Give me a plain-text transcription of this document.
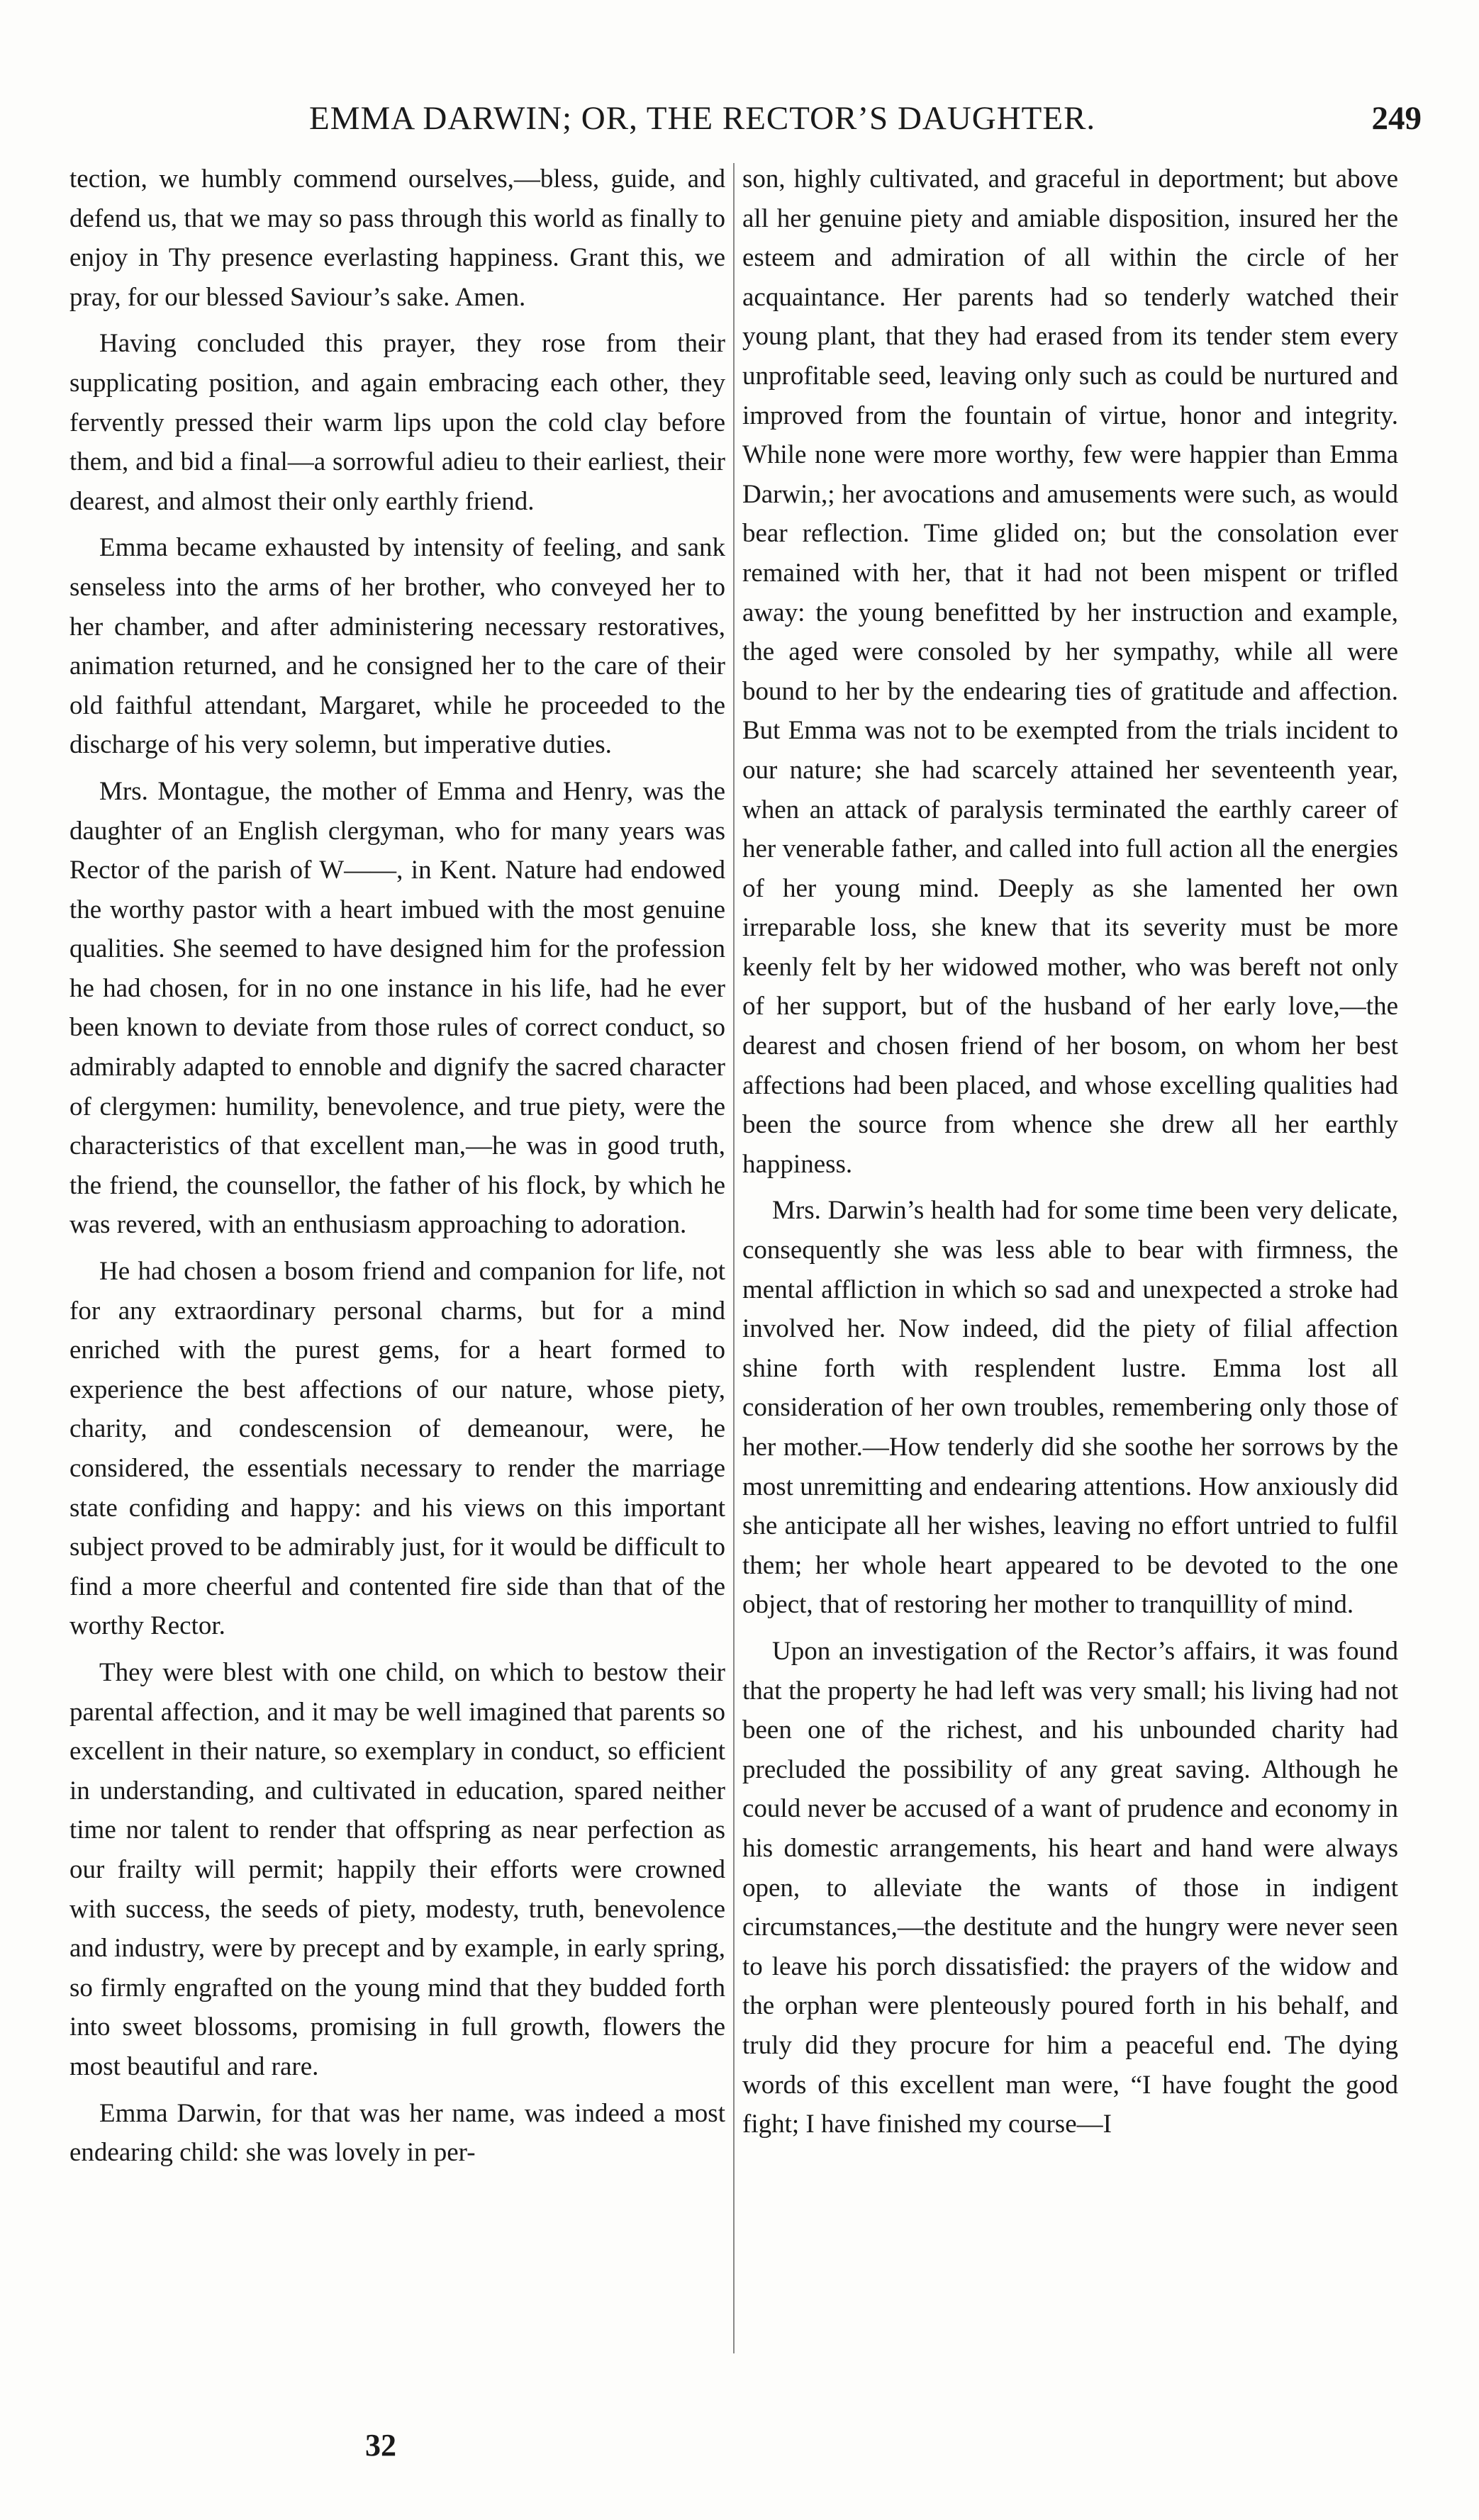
EMMA DARWIN; OR, THE RECTOR’S DAUGHTER.	249

tection, we humbly commend ourselves,—bless, guide, and defend us, that we may so pass through this world as finally to enjoy in Thy presence everlasting happiness. Grant this, we pray, for our blessed Saviour’s sake. Amen.

Having concluded this prayer, they rose from their supplicating position, and again embracing each other, they fervently pressed their warm lips upon the cold clay before them, and bid a final—a sorrowful adieu to their earliest, their dearest, and almost their only earthly friend.

Emma became exhausted by intensity of feeling, and sank senseless into the arms of her brother, who conveyed her to her chamber, and after administering necessary restoratives, animation returned, and he consigned her to the care of their old faithful attendant, Margaret, while he proceeded to the discharge of his very solemn, but imperative duties.

Mrs. Montague, the mother of Emma and Henry, was the daughter of an English clergyman, who for many years was Rector of the parish of W——, in Kent. Nature had endowed the worthy pastor with a heart imbued with the most genuine qualities. She seemed to have designed him for the profession he had chosen, for in no one instance in his life, had he ever been known to deviate from those rules of correct conduct, so admirably adapted to ennoble and dignify the sacred character of clergymen: humility, benevolence, and true piety, were the characteristics of that excellent man,—he was in good truth, the friend, the counsellor, the father of his flock, by which he was revered, with an enthusiasm approaching to adoration.

He had chosen a bosom friend and companion for life, not for any extraordinary personal charms, but for a mind enriched with the purest gems, for a heart formed to experience the best affections of our nature, whose piety, charity, and condescension of demeanour, were, he considered, the essentials necessary to render the marriage state confiding and happy: and his views on this important subject proved to be admirably just, for it would be difficult to find a more cheerful and contented fire side than that of the worthy Rector.

They were blest with one child, on which to bestow their parental affection, and it may be well imagined that parents so excellent in their nature, so exemplary in conduct, so efficient in understanding, and cultivated in education, spared neither time nor talent to render that offspring as near perfection as our frailty will permit; happily their efforts were crowned with success, the seeds of piety, modesty, truth, benevolence and industry, were by precept and by example, in early spring, so firmly engrafted on the young mind that they budded forth into sweet blossoms, promising in full growth, flowers the most beautiful and rare.

Emma Darwin, for that was her name, was indeed a most endearing child: she was lovely in per-

son, highly cultivated, and graceful in deportment; but above all her genuine piety and amiable disposition, insured her the esteem and admiration of all within the circle of her acquaintance. Her parents had so tenderly watched their young plant, that they had erased from its tender stem every unprofitable seed, leaving only such as could be nurtured and improved from the fountain of virtue, honor and integrity. While none were more worthy, few were happier than Emma Darwin,; her avocations and amusements were such, as would bear reflection. Time glided on; but the consolation ever remained with her, that it had not been mispent or trifled away: the young benefitted by her instruction and example, the aged were consoled by her sympathy, while all were bound to her by the endearing ties of gratitude and affection. But Emma was not to be exempted from the trials incident to our nature; she had scarcely attained her seventeenth year, when an attack of paralysis terminated the earthly career of her venerable father, and called into full action all the energies of her young mind. Deeply as she lamented her own irreparable loss, she knew that its severity must be more keenly felt by her widowed mother, who was bereft not only of her support, but of the husband of her early love,—the dearest and chosen friend of her bosom, on whom her best affections had been placed, and whose excelling qualities had been the source from whence she drew all her earthly happiness.

Mrs. Darwin’s health had for some time been very delicate, consequently she was less able to bear with firmness, the mental affliction in which so sad and unexpected a stroke had involved her. Now indeed, did the piety of filial affection shine forth with resplendent lustre. Emma lost all consideration of her own troubles, remembering only those of her mother.—How tenderly did she soothe her sorrows by the most unremitting and endearing attentions. How anxiously did she anticipate all her wishes, leaving no effort untried to fulfil them; her whole heart appeared to be devoted to the one object, that of restoring her mother to tranquillity of mind.

Upon an investigation of the Rector’s affairs, it was found that the property he had left was very small; his living had not been one of the richest, and his unbounded charity had precluded the possibility of any great saving. Although he could never be accused of a want of prudence and economy in his domestic arrangements, his heart and hand were always open, to alleviate the wants of those in indigent circumstances,—the destitute and the hungry were never seen to leave his porch dissatisfied: the prayers of the widow and the orphan were plenteously poured forth in his behalf, and truly did they procure for him a peaceful end. The dying words of this excellent man were, “I have fought the good fight; I have finished my course—I

32
